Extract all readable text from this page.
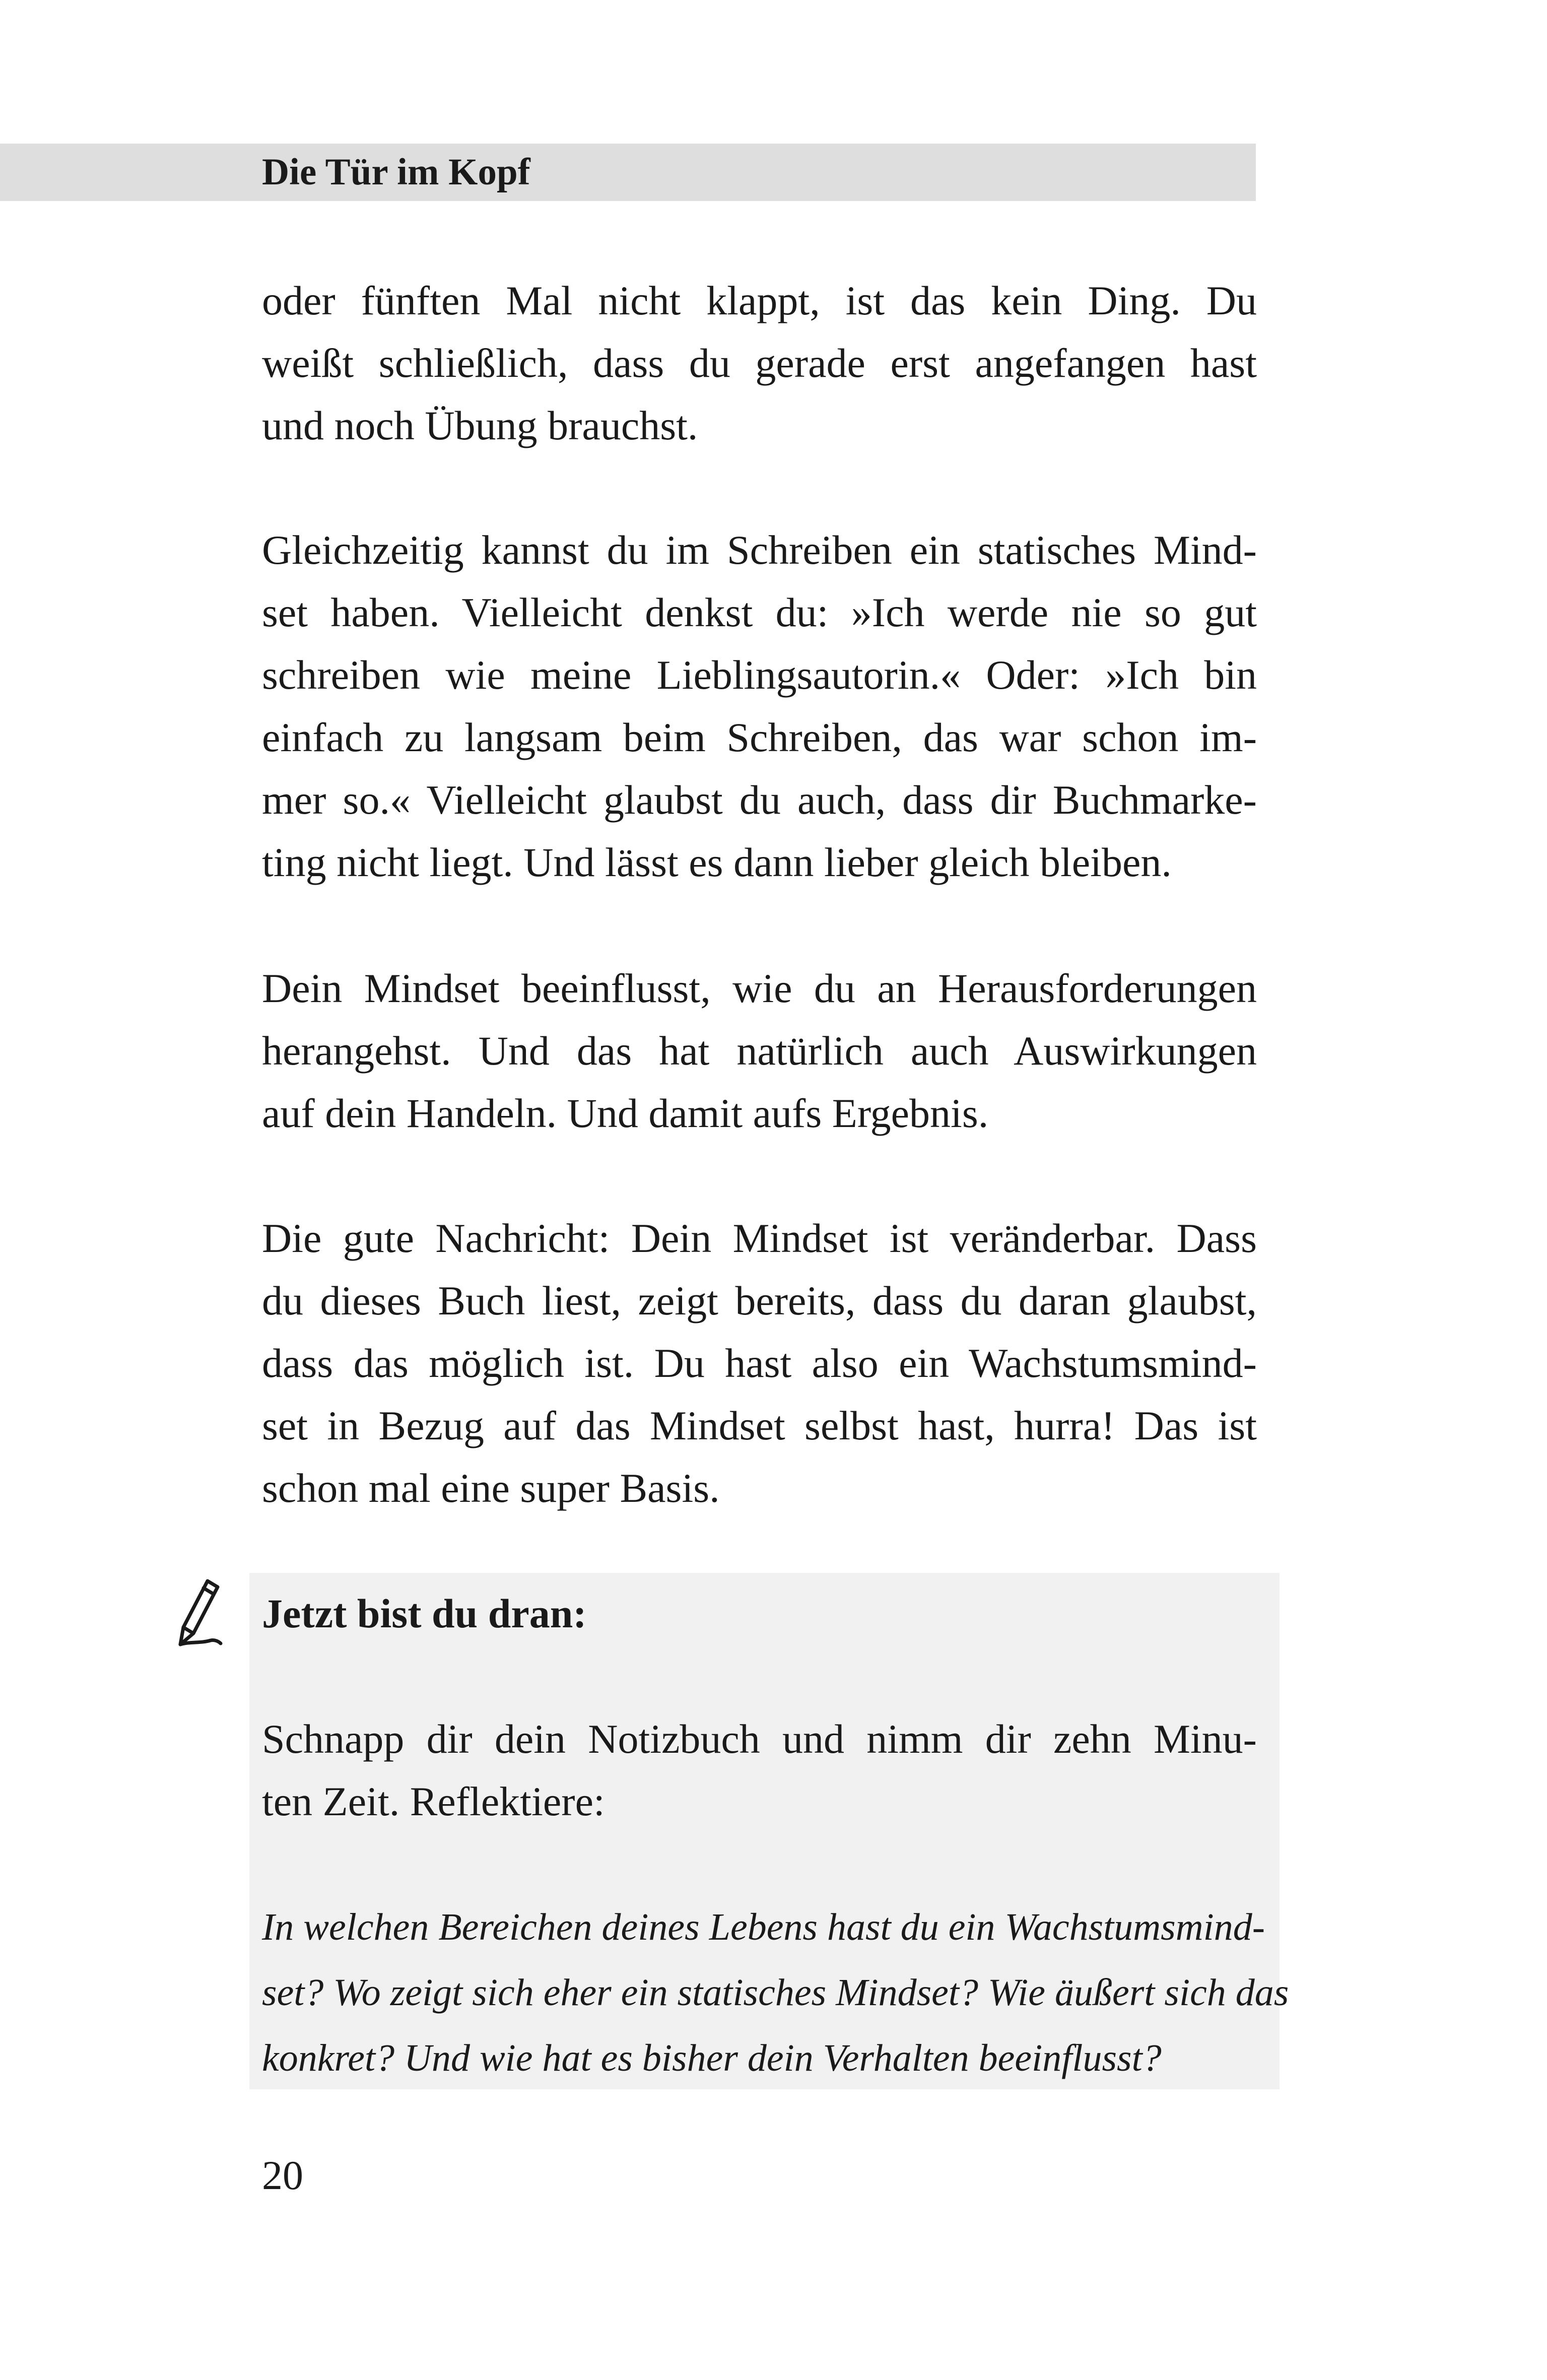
Die Tür im Kopf
oder fünften Mal nicht klappt, ist das kein Ding. Du
weißt schließlich, dass du gerade erst angefangen hast
und noch Übung brauchst.
Gleichzeitig kannst du im Schreiben ein statisches Mind-
set haben. Vielleicht denkst du: »Ich werde nie so gut
schreiben wie meine Lieblingsautorin.« Oder: »Ich bin
einfach zu langsam beim Schreiben, das war schon im-
mer so.« Vielleicht glaubst du auch, dass dir Buchmarke-
ting nicht liegt. Und lässt es dann lieber gleich bleiben.
Dein Mindset beeinflusst, wie du an Herausforderungen
herangehst. Und das hat natürlich auch Auswirkungen
auf dein Handeln. Und damit aufs Ergebnis.
Die gute Nachricht: Dein Mindset ist veränderbar. Dass
du dieses Buch liest, zeigt bereits, dass du daran glaubst,
dass das möglich ist. Du hast also ein Wachstumsmind-
set in Bezug auf das Mindset selbst hast, hurra! Das ist
schon mal eine super Basis.
Jetzt bist du dran:
Schnapp dir dein Notizbuch und nimm dir zehn Minu-
ten Zeit. Reflektiere:
In welchen Bereichen deines Lebens hast du ein Wachstumsmind-
set? Wo zeigt sich eher ein statisches Mindset? Wie äußert sich das
konkret? Und wie hat es bisher dein Verhalten beeinflusst?
20
